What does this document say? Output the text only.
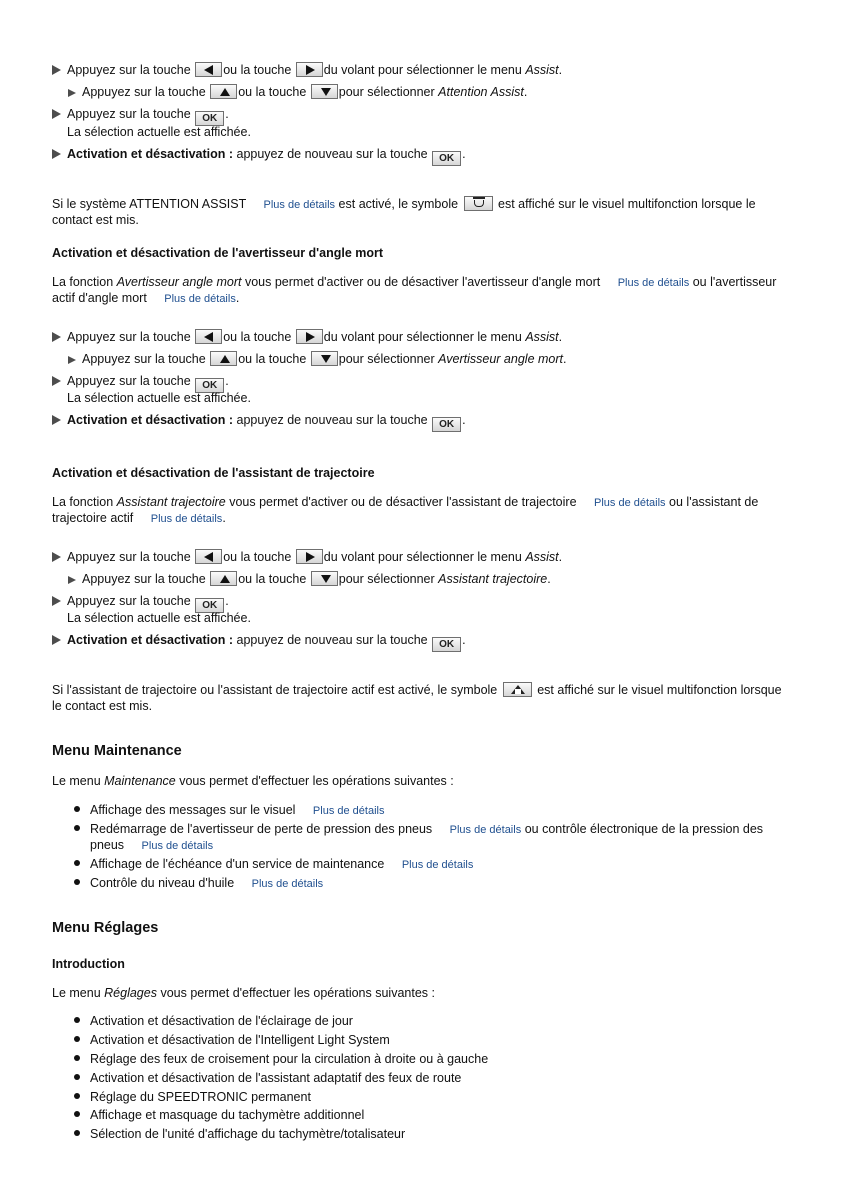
Appuyez sur la touche	ou la touche	du volant pour sélectionner le menu Assist.
Appuyez sur la touche	ou la touche	pour sélectionner Attention Assist.
Appuyez sur la touche OK .
La sélection actuelle est affichée.
Activation et désactivation : appuyez de nouveau sur la touche OK .
Si le système ATTENTION ASSIST Plus de détails est activé, le symbole	est affiché sur le visuel multifonction lorsque le
contact est mis.
Activation et désactivation de l'avertisseur d'angle mort
La fonction Avertisseur angle mort vous permet d'activer ou de désactiver l'avertisseur d'angle mort Plus de détails ou l'avertisseur
actif d'angle mort Plus de détails.
Appuyez sur la touche	ou la touche	du volant pour sélectionner le menu Assist.
Appuyez sur la touche	ou la touche	pour sélectionner Avertisseur angle mort.
Appuyez sur la touche OK .
La sélection actuelle est affichée.
Activation et désactivation : appuyez de nouveau sur la touche OK .
Activation et désactivation de l'assistant de trajectoire
La fonction Assistant trajectoire vous permet d'activer ou de désactiver l'assistant de trajectoire Plus de détails ou l'assistant de
trajectoire actif Plus de détails.
Appuyez sur la touche	ou la touche	du volant pour sélectionner le menu Assist.
Appuyez sur la touche	ou la touche	pour sélectionner Assistant trajectoire.
Appuyez sur la touche OK .
La sélection actuelle est affichée.
Activation et désactivation : appuyez de nouveau sur la touche OK .
Si l'assistant de trajectoire ou l'assistant de trajectoire actif est activé, le symbole	est affiché sur le visuel multifonction lorsque
le contact est mis.
Menu Maintenance
Le menu Maintenance vous permet d'effectuer les opérations suivantes :
Affichage des messages sur le visuel Plus de détails
Redémarrage de l'avertisseur de perte de pression des pneus Plus de détails ou contrôle électronique de la pression des
pneus Plus de détails
Affichage de l'échéance d'un service de maintenance Plus de détails
Contrôle du niveau d'huile Plus de détails
Menu Réglages
Introduction
Le menu Réglages vous permet d'effectuer les opérations suivantes :
Activation et désactivation de l'éclairage de jour
Activation et désactivation de l'Intelligent Light System
Réglage des feux de croisement pour la circulation à droite ou à gauche
Activation et désactivation de l'assistant adaptatif des feux de route
Réglage du SPEEDTRONIC permanent
Affichage et masquage du tachymètre additionnel
Sélection de l'unité d'affichage du tachymètre/totalisateur
